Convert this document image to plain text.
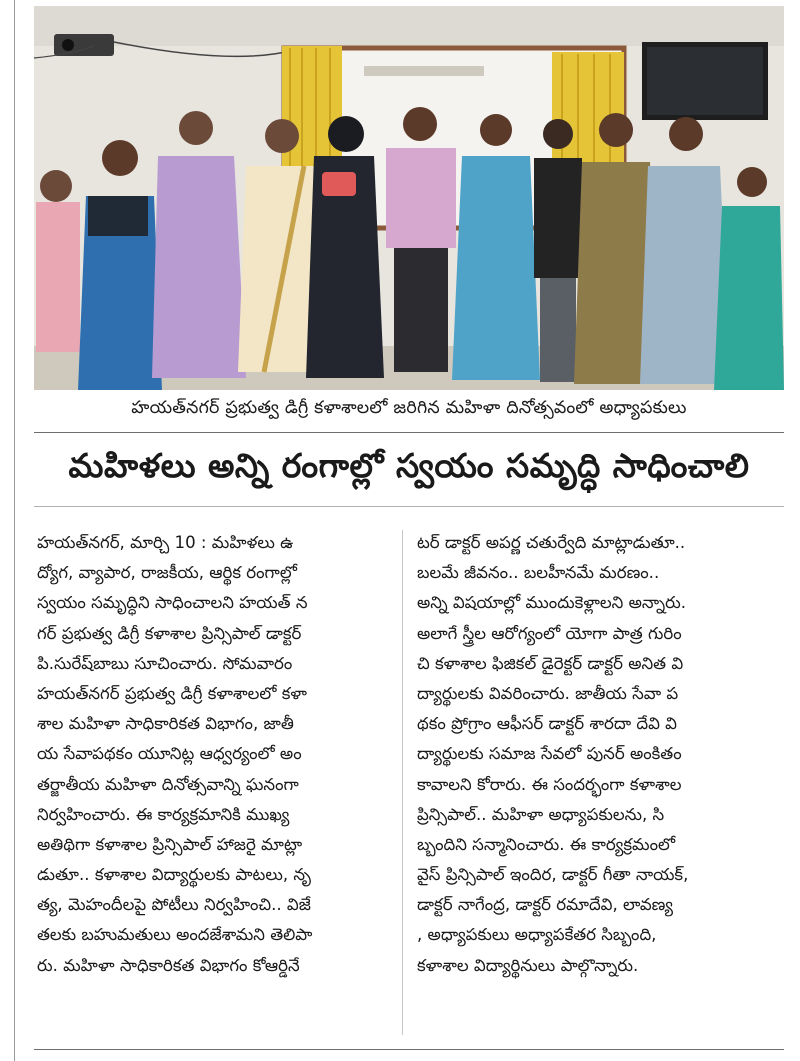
హయత్‌నగర్ ప్రభుత్వ డిగ్రీ కళాశాలలో జరిగిన మహిళా దినోత్సవంలో అధ్యాపకులు
మహిళలు అన్ని రంగాల్లో స్వయం సమృద్ధి సాధించాలి
హయత్‌నగర్, మార్చి 10 : మహిళలు ఉ
ద్యోగ, వ్యాపార, రాజకీయ, ఆర్థిక రంగాల్లో
స్వయం సమృద్ధిని సాధించాలని హయత్ న
గర్ ప్రభుత్వ డిగ్రీ కళాశాల ప్రిన్సిపాల్ డాక్టర్
పి.సురేష్‌బాబు సూచించారు. సోమవారం
హయత్‌నగర్ ప్రభుత్వ డిగ్రీ కళాశాలలో కళా
శాల మహిళా సాధికారికత విభాగం, జాతీ
య సేవాపథకం యూనిట్ల ఆధ్వర్యంలో అం
తర్జాతీయ మహిళా దినోత్సవాన్ని ఘనంగా
నిర్వహించారు. ఈ కార్యక్రమానికి ముఖ్య
అతిథిగా కళాశాల ప్రిన్సిపాల్ హాజరై మాట్లా
డుతూ.. కళాశాల విద్యార్థులకు పాటలు, నృ
త్య, మెహందీలపై పోటీలు నిర్వహించి.. విజే
తలకు బహుమతులు అందజేశామని తెలిపా
రు. మహిళా సాధికారికత విభాగం కోఆర్డినే
టర్ డాక్టర్ అపర్ణ చతుర్వేది మాట్లాడుతూ..
బలమే జీవనం.. బలహీనమే మరణం..
అన్ని విషయాల్లో ముందుకెళ్లాలని అన్నారు.
అలాగే స్త్రీల ఆరోగ్యంలో యోగా పాత్ర గురిం
చి కళాశాల ఫిజికల్ డైరెక్టర్ డాక్టర్ అనిత వి
ద్యార్థులకు వివరించారు. జాతీయ సేవా ప
థకం ప్రోగ్రాం ఆఫీసర్ డాక్టర్ శారదా దేవి వి
ద్యార్థులకు సమాజ సేవలో పునర్ అంకితం
కావాలని కోరారు. ఈ సందర్భంగా కళాశాల
ప్రిన్సిపాల్.. మహిళా అధ్యాపకులను, సి
బ్బందిని సన్మానించారు. ఈ కార్యక్రమంలో
వైస్ ప్రిన్సిపాల్ ఇందిర, డాక్టర్ గీతా నాయక్,
డాక్టర్ నాగేంద్ర, డాక్టర్ రమాదేవి, లావణ్య
, అధ్యాపకులు అధ్యాపకేతర సిబ్బంది,
కళాశాల విద్యార్థినులు పాల్గొన్నారు.
